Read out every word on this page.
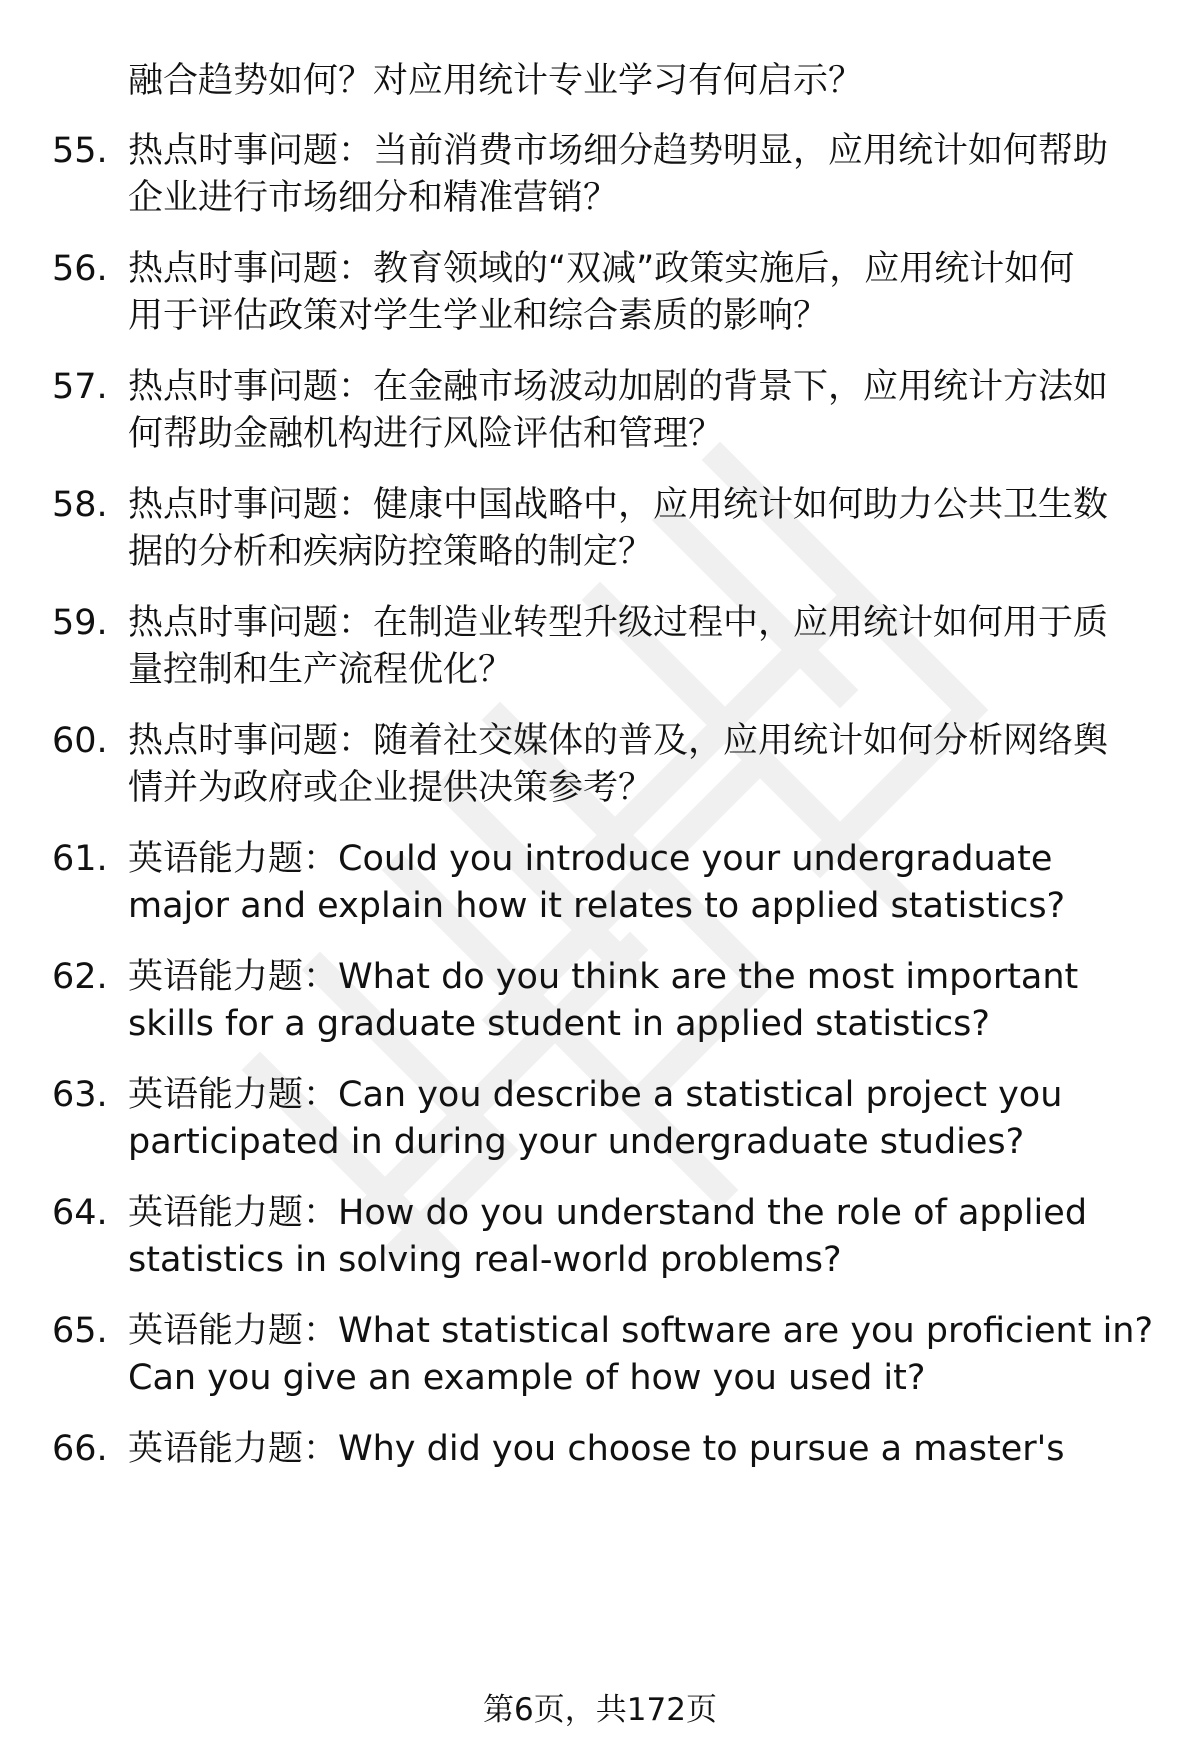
融合趋势如何？对应用统计专业学习有何启示？
55. 热点时事问题：当前消费市场细分趋势明显，应用统计如何帮助
企业进行市场细分和精准营销？
56. 热点时事问题：教育领域的“双减”政策实施后，应用统计如何
用于评估政策对学生学业和综合素质的影响？
57. 热点时事问题：在金融市场波动加剧的背景下，应用统计方法如
何帮助金融机构进行风险评估和管理？
58. 热点时事问题：健康中国战略中，应用统计如何助力公共卫生数
据的分析和疾病防控策略的制定？
59. 热点时事问题：在制造业转型升级过程中，应用统计如何用于质
量控制和生产流程优化？
60. 热点时事问题：随着社交媒体的普及，应用统计如何分析网络舆
情并为政府或企业提供决策参考？
61. 英语能力题：Could you introduce your undergraduate
major and explain how it relates to applied statistics?
62. 英语能力题：What do you think are the most important
skills for a graduate student in applied statistics?
63. 英语能力题：Can you describe a statistical project you
participated in during your undergraduate studies?
64. 英语能力题：How do you understand the role of applied
statistics in solving real-world problems?
65. 英语能力题：What statistical software are you proficient in?
Can you give an example of how you used it?
66. 英语能力题：Why did you choose to pursue a master's
第6页，共172页
